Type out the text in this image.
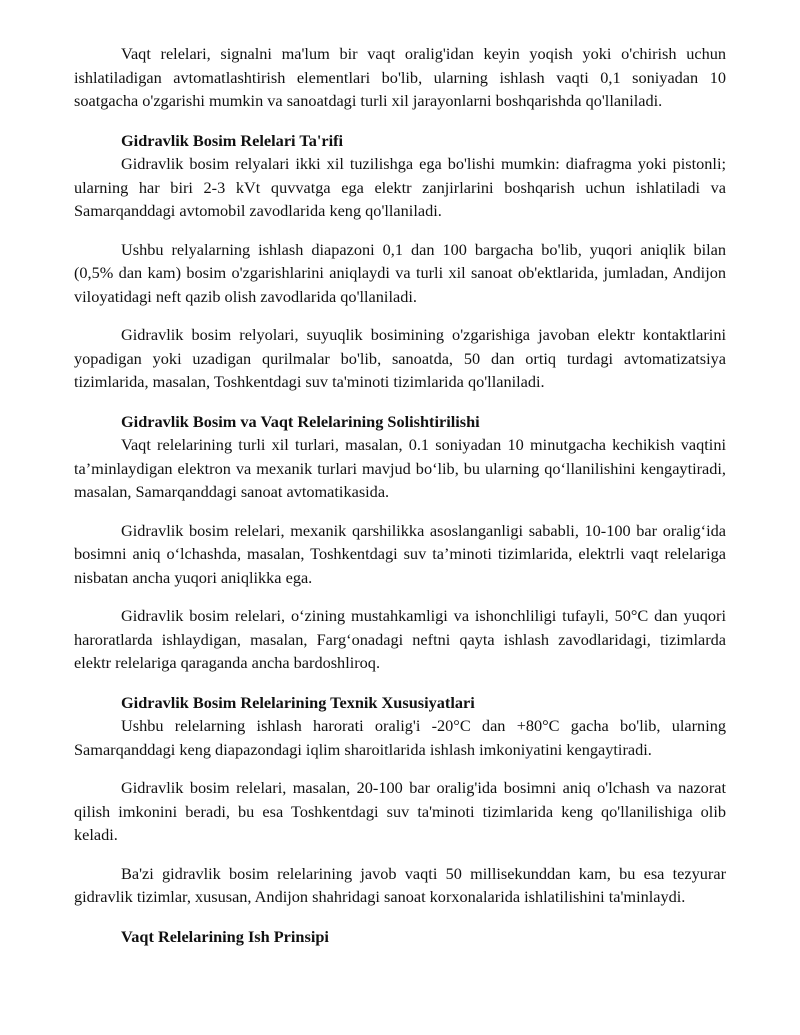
Vaqt relelari, signalni ma'lum bir vaqt oralig'idan keyin yoqish yoki o'chirish uchun ishlatiladigan avtomatlashtirish elementlari bo'lib, ularning ishlash vaqti 0,1 soniyadan 10 soatgacha o'zgarishi mumkin va sanoatdagi turli xil jarayonlarni boshqarishda qo'llaniladi.

Gidravlik Bosim Relelari Ta'rifi

Gidravlik bosim relyalari ikki xil tuzilishga ega bo'lishi mumkin: diafragma yoki pistonli; ularning har biri 2-3 kVt quvvatga ega elektr zanjirlarini boshqarish uchun ishlatiladi va Samarqanddagi avtomobil zavodlarida keng qo'llaniladi.

Ushbu relyalarning ishlash diapazoni 0,1 dan 100 bargacha bo'lib, yuqori aniqlik bilan (0,5% dan kam) bosim o'zgarishlarini aniqlaydi va turli xil sanoat ob'ektlarida, jumladan, Andijon viloyatidagi neft qazib olish zavodlarida qo'llaniladi.

Gidravlik bosim relyolari, suyuqlik bosimining o'zgarishiga javoban elektr kontaktlarini yopadigan yoki uzadigan qurilmalar bo'lib, sanoatda, 50 dan ortiq turdagi avtomatizatsiya tizimlarida, masalan, Toshkentdagi suv ta'minoti tizimlarida qo'llaniladi.

Gidravlik Bosim va Vaqt Relelarining Solishtirilishi

Vaqt relelarining turli xil turlari, masalan, 0.1 soniyadan 10 minutgacha kechikish vaqtini ta’minlaydigan elektron va mexanik turlari mavjud bo‘lib, bu ularning qo‘llanilishini kengaytiradi, masalan, Samarqanddagi sanoat avtomatikasida.

Gidravlik bosim relelari, mexanik qarshilikka asoslanganligi sababli, 10-100 bar oralig‘ida bosimni aniq o‘lchashda, masalan, Toshkentdagi suv ta’minoti tizimlarida, elektrli vaqt relelariga nisbatan ancha yuqori aniqlikka ega.

Gidravlik bosim relelari, o‘zining mustahkamligi va ishonchliligi tufayli, 50°C dan yuqori haroratlarda ishlaydigan, masalan, Farg‘onadagi neftni qayta ishlash zavodlaridagi, tizimlarda elektr relelariga qaraganda ancha bardoshliroq.

Gidravlik Bosim Relelarining Texnik Xususiyatlari

Ushbu relelarning ishlash harorati oralig'i -20°C dan +80°C gacha bo'lib, ularning Samarqanddagi keng diapazondagi iqlim sharoitlarida ishlash imkoniyatini kengaytiradi.

Gidravlik bosim relelari, masalan, 20-100 bar oralig'ida bosimni aniq o'lchash va nazorat qilish imkonini beradi, bu esa Toshkentdagi suv ta'minoti tizimlarida keng qo'llanilishiga olib keladi.

Ba'zi gidravlik bosim relelarining javob vaqti 50 millisekunddan kam, bu esa tezyurar gidravlik tizimlar, xususan, Andijon shahridagi sanoat korxonalarida ishlatilishini ta'minlaydi.

Vaqt Relelarining Ish Prinsipi
